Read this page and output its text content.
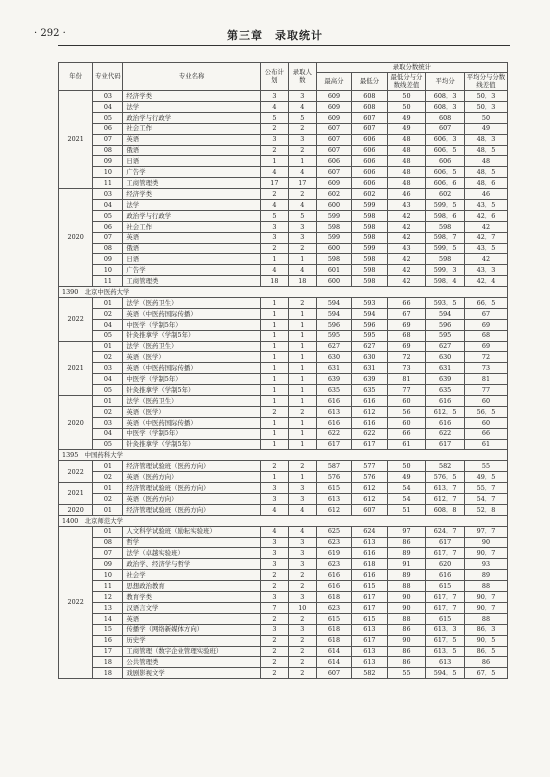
· 292 ·	第三章　录取统计
年份	专业代码	专业名称	公布计划	录取人数	录取分数统计				
					最高分	最低分	最低分与分数线差值	平均分	平均分与分数线差值
2021	03	经济学类	3	3	609	608	50	608．3	50．3
	04	法学	4	4	609	608	50	608．3	50．3
	05	政治学与行政学	5	5	609	607	49	608	50
	06	社会工作	2	2	607	607	49	607	49
	07	英语	3	3	607	606	48	606．3	48．3
	08	俄语	2	2	607	606	48	606．5	48．5
	09	日语	1	1	606	606	48	606	48
	10	广告学	4	4	607	606	48	606．5	48．5
	11	工商管理类	17	17	609	606	48	606．6	48．6
2020	03	经济学类	2	2	602	602	46	602	46
	04	法学	4	4	600	599	43	599．5	43．5
	05	政治学与行政学	5	5	599	598	42	598．6	42．6
	06	社会工作	3	3	598	598	42	598	42
	07	英语	3	3	599	598	42	598．7	42．7
	08	俄语	2	2	600	599	43	599．5	43．5
	09	日语	1	1	598	598	42	598	42
	10	广告学	4	4	601	598	42	599．3	43．3
	11	工商管理类	18	18	600	598	42	598．4	42．4
1390　北京中医药大学									
2022	01	法学（医药卫生）	1	2	594	593	66	593．5	66．5
	02	英语（中医药国际传播）	1	1	594	594	67	594	67
	04	中医学（学制5年）	1	1	596	596	69	596	69
	05	针灸推拿学（学制5年）	1	1	595	595	68	595	68
2021	01	法学（医药卫生）	1	1	627	627	69	627	69
	02	英语（医学）	1	1	630	630	72	630	72
	03	英语（中医药国际传播）	1	1	631	631	73	631	73
	04	中医学（学制5年）	1	1	639	639	81	639	81
	05	针灸推拿学（学制5年）	1	1	635	635	77	635	77
2020	01	法学（医药卫生）	1	1	616	616	60	616	60
	02	英语（医学）	2	2	613	612	56	612．5	56．5
	03	英语（中医药国际传播）	1	1	616	616	60	616	60
	04	中医学（学制5年）	1	1	622	622	66	622	66
	05	针灸推拿学（学制5年）	1	1	617	617	61	617	61
1395　中国药科大学									
2022	01	经济管理试验班（医药方向）	2	2	587	577	50	582	55
	02	英语（医药方向）	1	1	576	576	49	576．5	49．5
2021	01	经济管理试验班（医药方向）	3	3	615	612	54	613．7	55．7
	02	英语（医药方向）	3	3	613	612	54	612．7	54．7
2020	01	经济管理试验班（医药方向）	4	4	612	607	51	608．8	52．8
1400　北京师范大学									
2022	01	人文科学试验班（励耘实验班）	4	4	625	624	97	624．7	97．7
	08	哲学	3	3	623	613	86	617	90
	07	法学（卓越实验班）	3	3	619	616	89	617．7	90．7
	09	政治学、经济学与哲学	3	3	623	618	91	620	93
	10	社会学	2	2	616	616	89	616	89
	11	思想政治教育	2	2	616	615	88	615	88
	12	教育学类	3	3	618	617	90	617．7	90．7
	13	汉语言文学	7	10	623	617	90	617．7	90．7
	14	英语	2	2	615	615	88	615	88
	15	传播学（网络新媒体方向）	3	3	618	613	86	613．3	86．3
	16	历史学	2	2	618	617	90	617．5	90．5
	17	工商管理（数字企业管理实验班）	2	2	614	613	86	613．5	86．5
	18	公共管理类	2	2	614	613	86	613	86
	18	戏剧影视文学	2	2	607	582	55	594．5	67．5
